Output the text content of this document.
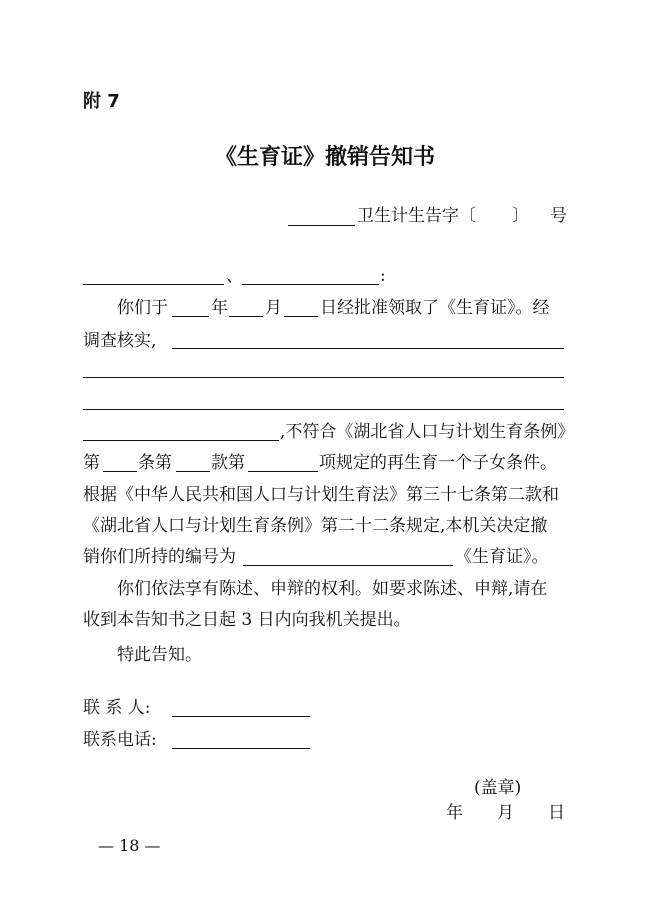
附 7
《生育证》撤销告知书
卫生计生告字〔 〕 号
、	:
你们于	年 月 日经批准领取了《生育证》。经
调查核实,
,不符合《湖北省人口与计划生育条例》
第 条第 款第	项规定的再生育一个子女条件。
根据《中华人民共和国人口与计划生育法》第三十七条第二款和
《湖北省人口与计划生育条例》第二十二条规定,本机关决定撤
销你们所持的编号为	《生育证》。
你们依法享有陈述、申辩的权利。如要求陈述、申辩,请在
收到本告知书之日起 3 日内向我机关提出。
特此告知。
联 系 人:
联系电话:
(盖章)
年 月 日
— 18 —
